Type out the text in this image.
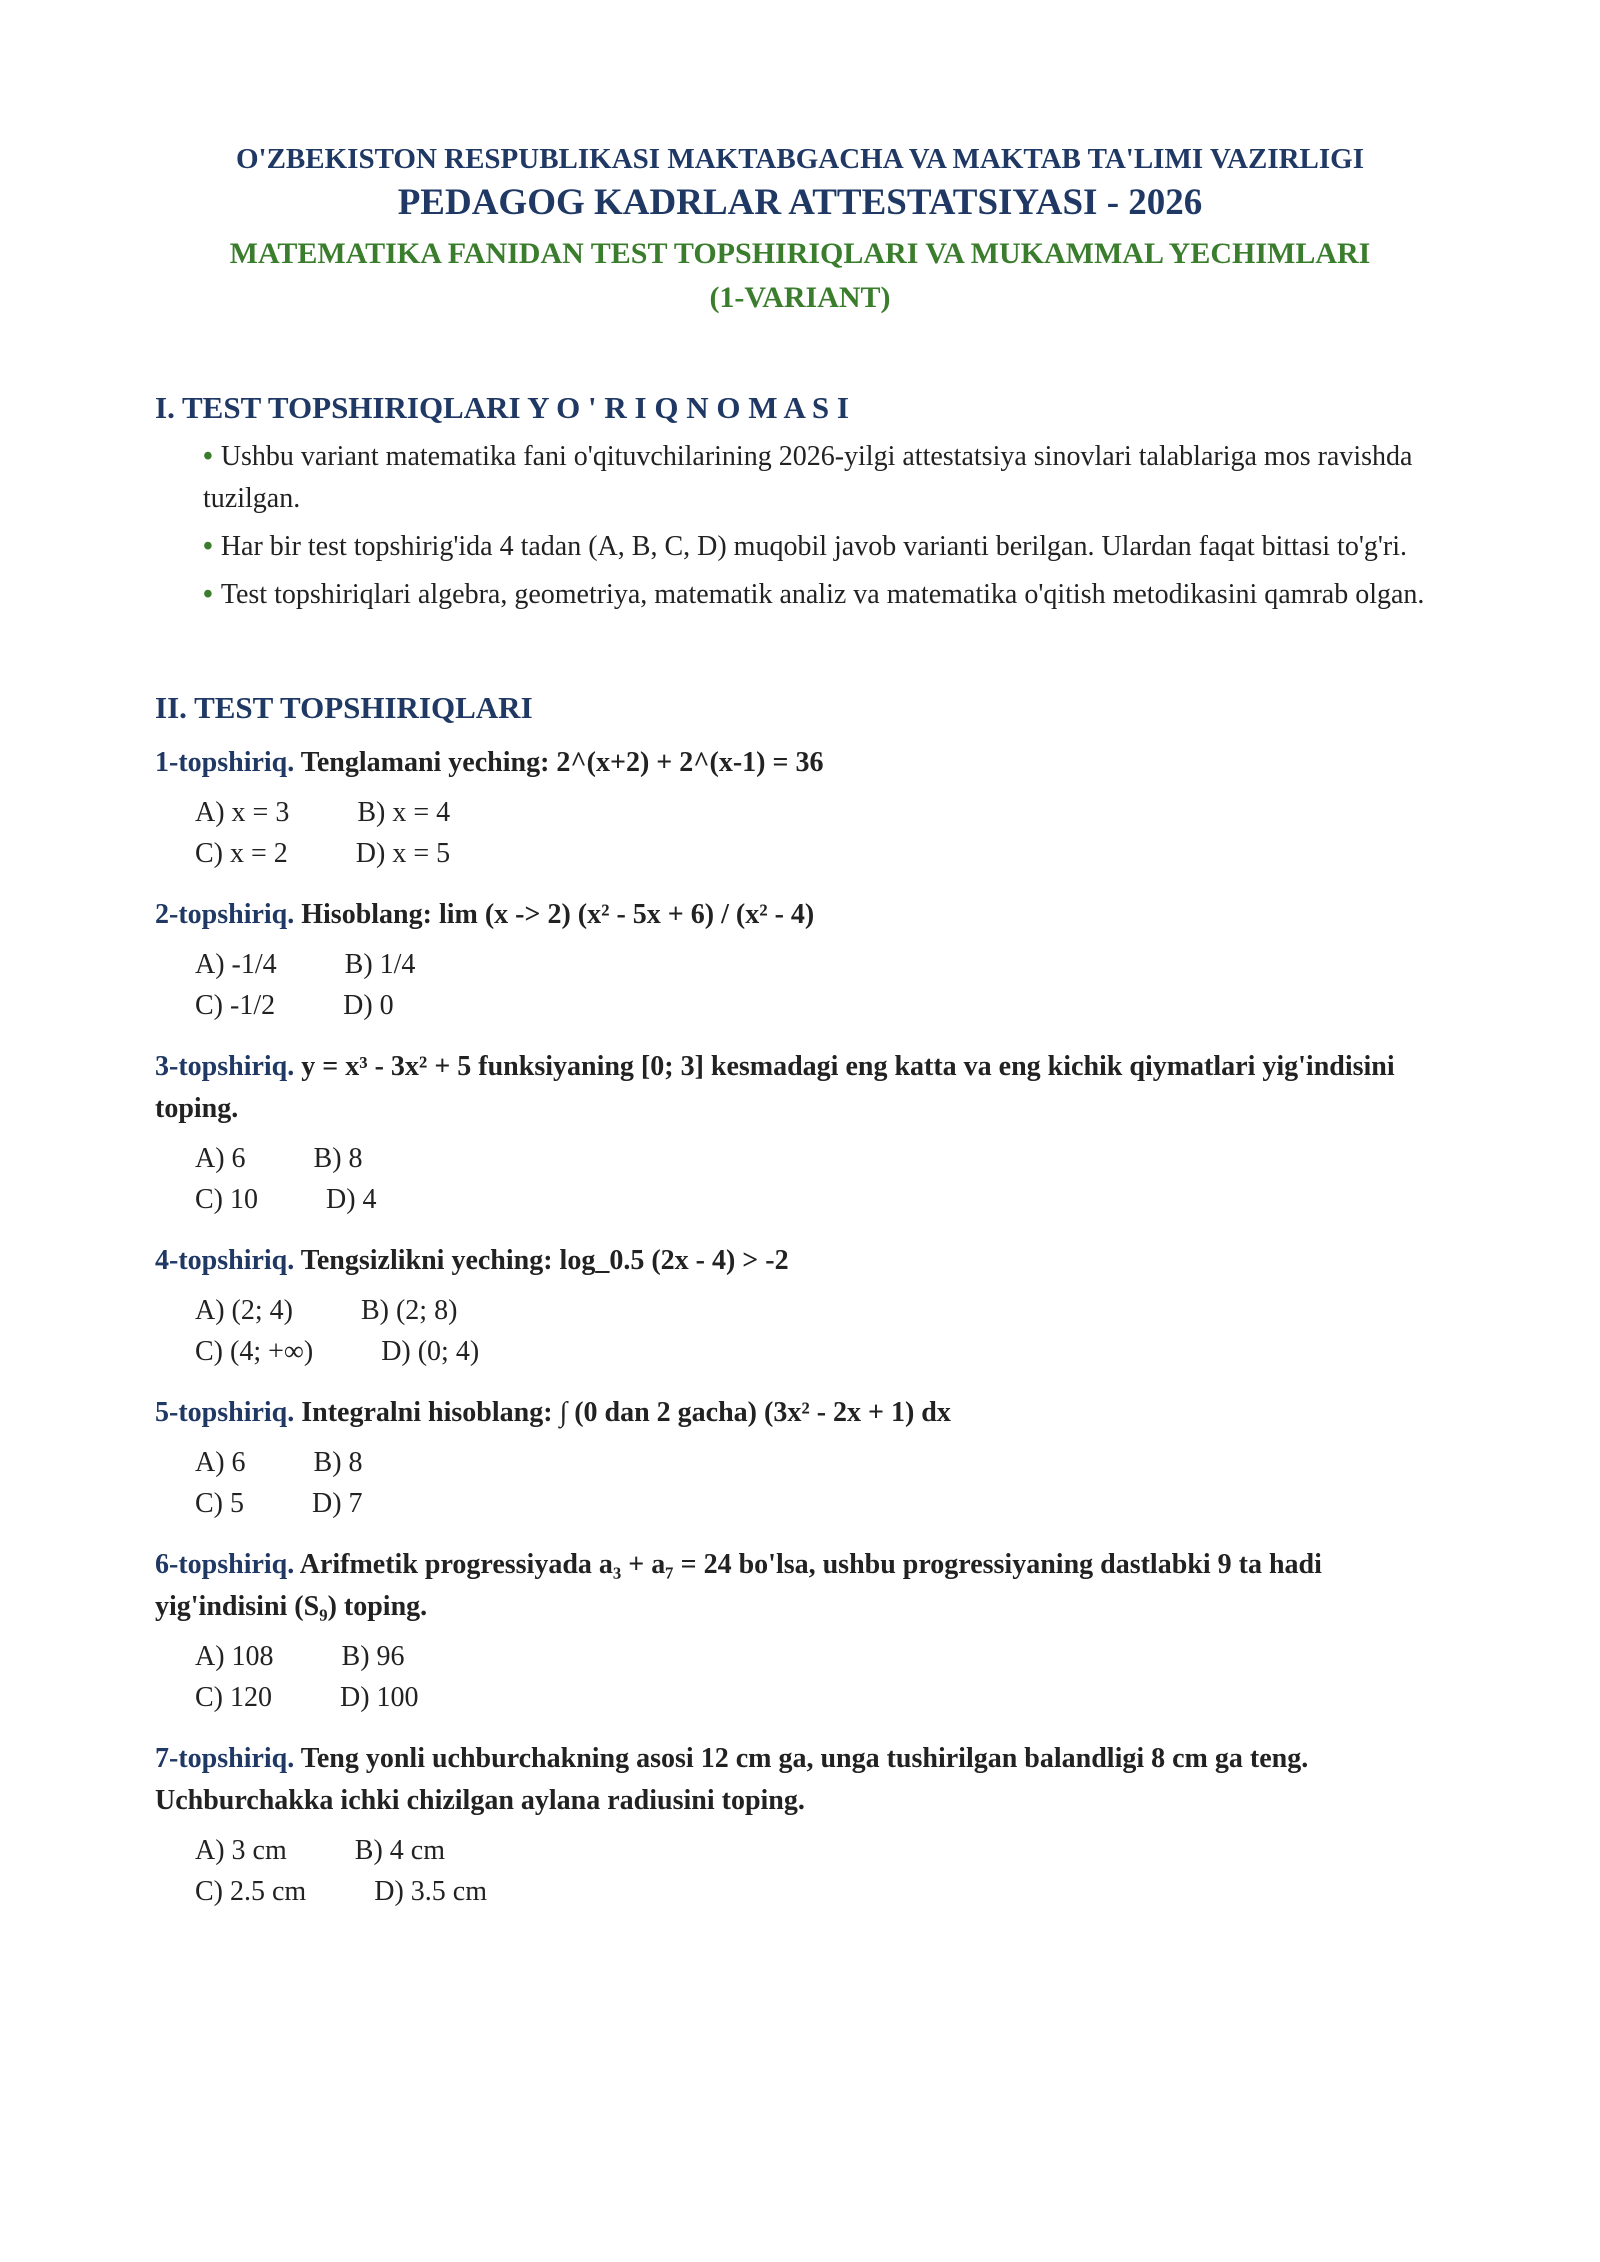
O'ZBEKISTON RESPUBLIKASI MAKTABGACHA VA MAKTAB TA'LIMI VAZIRLIGI

PEDAGOG KADRLAR ATTESTATSIYASI - 2026

MATEMATIKA FANIDAN TEST TOPSHIRIQLARI VA MUKAMMAL YECHIMLARI
(1-VARIANT)

I. TEST TOPSHIRIQLARI Y O ' R I Q N O M A S I
• Ushbu variant matematika fani o'qituvchilarining 2026-yilgi attestatsiya sinovlari talablariga mos ravishda tuzilgan.
• Har bir test topshirig'ida 4 tadan (A, B, C, D) muqobil javob varianti berilgan. Ulardan faqat bittasi to'g'ri.
• Test topshiriqlari algebra, geometriya, matematik analiz va matematika o'qitish metodikasini qamrab olgan.
II. TEST TOPSHIRIQLARI

1-topshiriq. Tenglamani yeching: 2^(x+2) + 2^(x-1) = 36

A) x = 3 B) x = 4
C) x = 2 D) x = 5

2-topshiriq. Hisoblang: lim (x -> 2) (x² - 5x + 6) / (x² - 4)

A) -1/4 B) 1/4
C) -1/2 D) 0

3-topshiriq. y = x³ - 3x² + 5 funksiyaning [0; 3] kesmadagi eng katta va eng kichik qiymatlari yig'indisini toping.

A) 6 B) 8
C) 10 D) 4

4-topshiriq. Tengsizlikni yeching: log_0.5 (2x - 4) > -2

A) (2; 4) B) (2; 8)
C) (4; +∞) D) (0; 4)

5-topshiriq. Integralni hisoblang: ∫ (0 dan 2 gacha) (3x² - 2x + 1) dx

A) 6 B) 8
C) 5 D) 7

6-topshiriq. Arifmetik progressiyada a₃ + a₇ = 24 bo'lsa, ushbu progressiyaning dastlabki 9 ta hadi yig'indisini (S₉) toping.

A) 108 B) 96
C) 120 D) 100

7-topshiriq. Teng yonli uchburchakning asosi 12 cm ga, unga tushirilgan balandligi 8 cm ga teng. Uchburchakka ichki chizilgan aylana radiusini toping.

A) 3 cm B) 4 cm
C) 2.5 cm D) 3.5 cm
